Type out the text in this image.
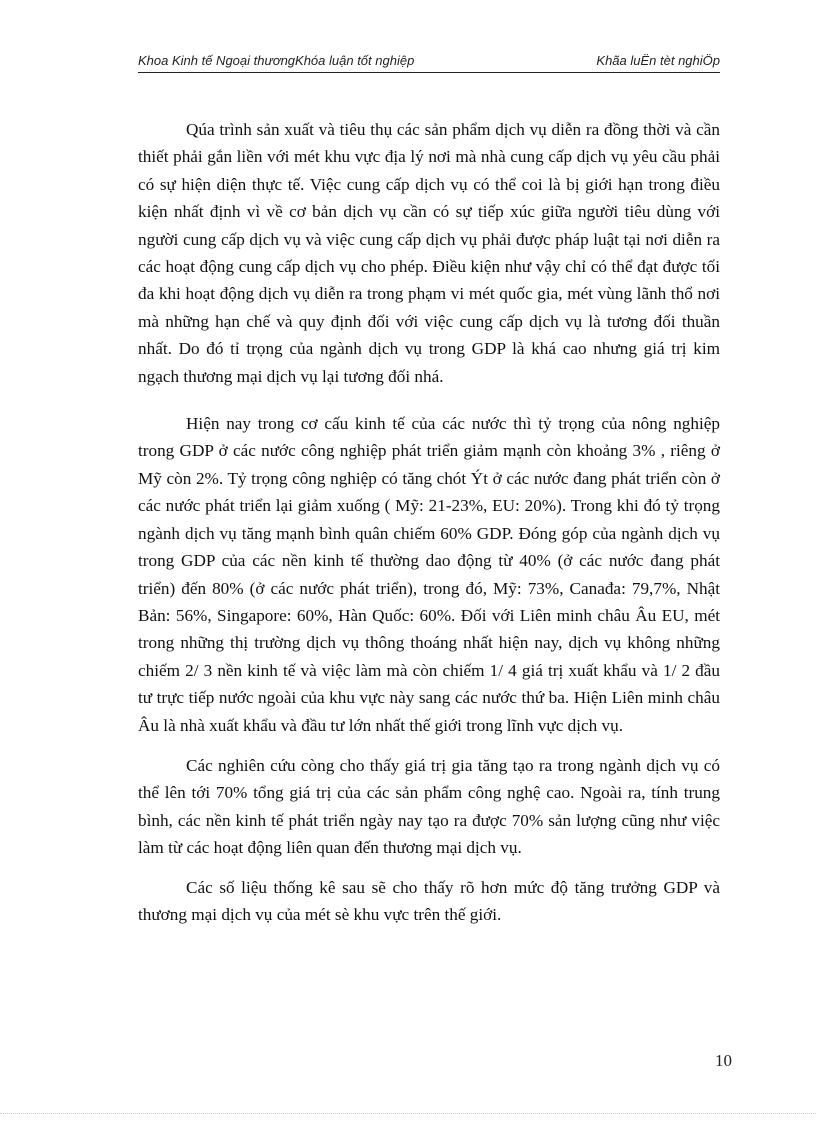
Khoa Kinh tế Ngoại thươngKhóa luận tốt nghiệp	Khãa luËn tèt nghiÖp

Qúa trình sản xuất và tiêu thụ các sản phẩm dịch vụ diễn ra đồng thời và cần thiết phải gắn liền với mét khu vực địa lý nơi mà nhà cung cấp dịch vụ yêu cầu phải có sự hiện diện thực tế. Việc cung cấp dịch vụ có thể coi là bị giới hạn trong điều kiện nhất định vì về cơ bản dịch vụ cần có sự tiếp xúc giữa người tiêu dùng với người cung cấp dịch vụ và việc cung cấp dịch vụ phải được pháp luật tại nơi diễn ra các hoạt động cung cấp dịch vụ cho phép. Điều kiện như vậy chỉ có thể đạt được tối đa khi hoạt động dịch vụ diễn ra trong phạm vi mét quốc gia, mét vùng lãnh thổ nơi mà những hạn chế và quy định đối với việc cung cấp dịch vụ là tương đối thuần nhất. Do đó tỉ trọng của ngành dịch vụ trong GDP là khá cao nhưng giá trị kim ngạch thương mại dịch vụ lại tương đối nhá.

Hiện nay trong cơ cấu kinh tế của các nước thì tỷ trọng của nông nghiệp trong GDP ở các nước công nghiệp phát triển giảm mạnh còn khoảng 3% , riêng ở Mỹ còn 2%. Tỷ trọng công nghiệp có tăng chót Ýt ở các nước đang phát triển còn ở các nước phát triển lại giảm xuống ( Mỹ: 21-23%, EU: 20%). Trong khi đó tỷ trọng ngành dịch vụ tăng mạnh bình quân chiếm 60% GDP. Đóng góp của ngành dịch vụ trong GDP của các nền kinh tế thường dao động từ 40% (ở các nước đang phát triển) đến 80% (ở các nước phát triển), trong đó, Mỹ: 73%, Canađa: 79,7%, Nhật Bản: 56%, Singapore: 60%, Hàn Quốc: 60%. Đối với Liên minh châu Âu EU, mét trong những thị trường dịch vụ thông thoáng nhất hiện nay, dịch vụ không những chiếm 2/ 3 nền kinh tế và việc làm mà còn chiếm 1/ 4 giá trị xuất khẩu và 1/ 2 đầu tư trực tiếp nước ngoài của khu vực này sang các nước thứ ba. Hiện Liên minh châu Âu là nhà xuất khẩu và đầu tư lớn nhất thế giới trong lĩnh vực dịch vụ.

Các nghiên cứu còng cho thấy giá trị gia tăng tạo ra trong ngành dịch vụ có thể lên tới 70% tổng giá trị của các sản phẩm công nghệ cao. Ngoài ra, tính trung bình, các nền kinh tế phát triển ngày nay tạo ra được 70% sản lượng cũng như việc làm từ các hoạt động liên quan đến thương mại dịch vụ.

Các số liệu thống kê sau sẽ cho thấy rõ hơn mức độ tăng trưởng GDP và thương mại dịch vụ của mét sè khu vực trên thế giới.

10
